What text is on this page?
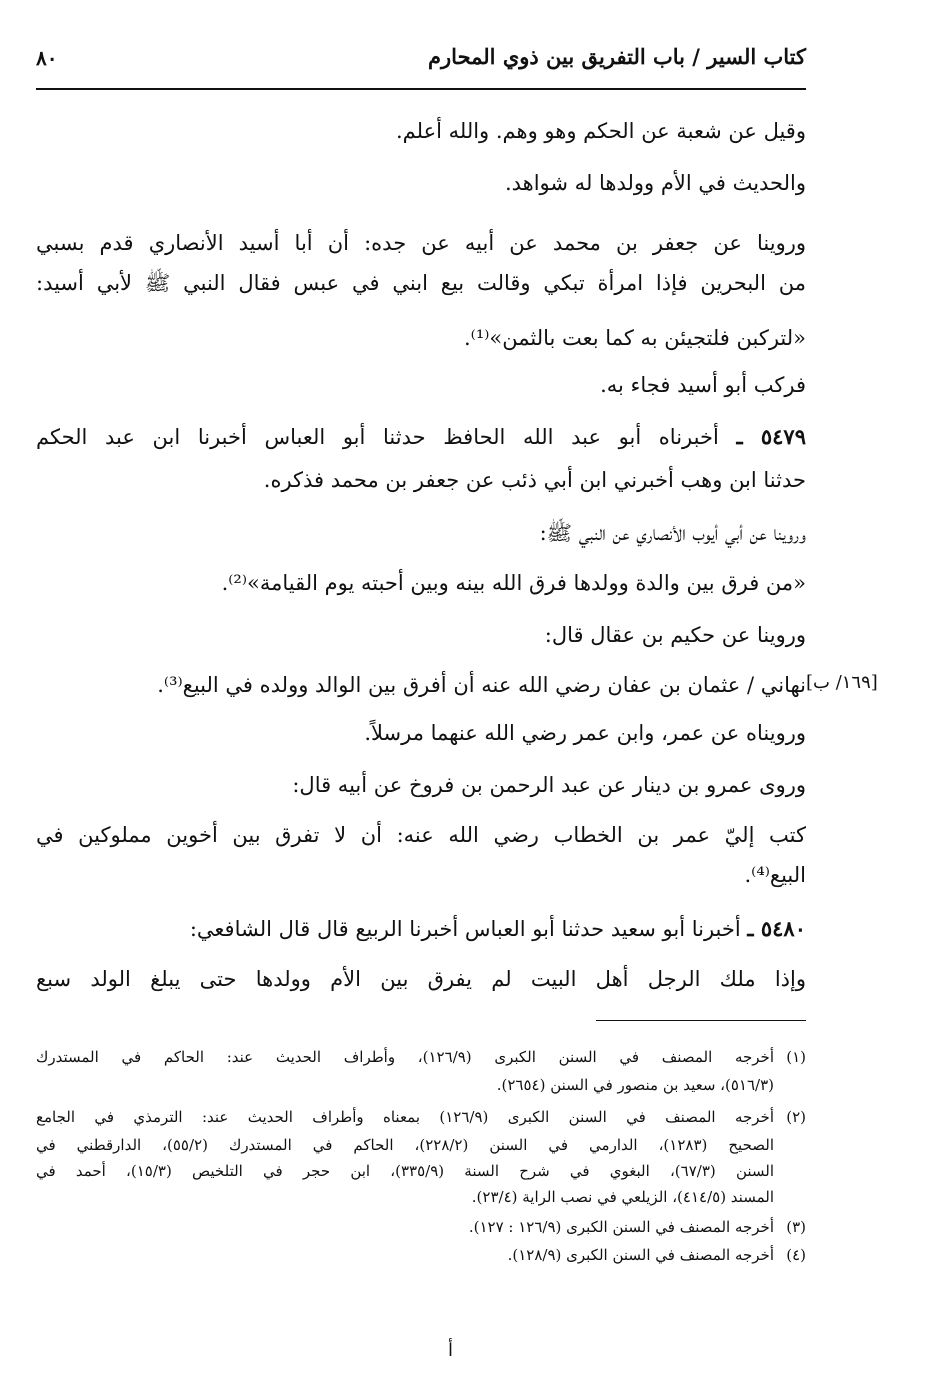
كتاب السير / باب التفريق بين ذوي المحارم
٨٠
وقيل عن شعبة عن الحكم وهو وهم. والله أعلم.
والحديث في الأم وولدها له شواهد.
وروينا عن جعفر بن محمد عن أبيه عن جده: أن أبا أسيد الأنصاري قدم بسبي
من البحرين فإذا امرأة تبكي وقالت بيع ابني في عبس فقال النبي ﷺ لأبي أسيد:
«لتركبن فلتجيئن به كما بعت بالثمن»⁽¹⁾.
فركب أبو أسيد فجاء به.
٥٤٧٩ ـ أخبرناه أبو عبد الله الحافظ حدثنا أبو العباس أخبرنا ابن عبد الحكم
حدثنا ابن وهب أخبرني ابن أبي ذئب عن جعفر بن محمد فذكره.
وروينا عن أبي أيوب الأنصاري عن النبي ﷺ:
«من فرق بين والدة وولدها فرق الله بينه وبين أحبته يوم القيامة»⁽²⁾.
وروينا عن حكيم بن عقال قال:
نهاني / عثمان بن عفان رضي الله عنه أن أفرق بين الوالد وولده في البيع⁽³⁾. [١٦٩/ ب]
ورويناه عن عمر، وابن عمر رضي الله عنهما مرسلاً.
وروى عمرو بن دينار عن عبد الرحمن بن فروخ عن أبيه قال:
كتب إليّ عمر بن الخطاب رضي الله عنه: أن لا تفرق بين أخوين مملوكين في
البيع⁽⁴⁾.
٥٤٨٠ ـ أخبرنا أبو سعيد حدثنا أبو العباس أخبرنا الربيع قال قال الشافعي:
وإذا ملك الرجل أهل البيت لم يفرق بين الأم وولدها حتى يبلغ الولد سبع
(١)أخرجه المصنف في السنن الكبرى (١٢٦/٩)، وأطراف الحديث عند: الحاكم في المستدرك
(٥١٦/٣)، سعيد بن منصور في السنن (٢٦٥٤).
(٢)أخرجه المصنف في السنن الكبرى (١٢٦/٩) بمعناه وأطراف الحديث عند: الترمذي في الجامع
الصحيح (١٢٨٣)، الدارمي في السنن (٢٢٨/٢)، الحاكم في المستدرك (٥٥/٢)، الدارقطني في
السنن (٦٧/٣)، البغوي في شرح السنة (٣٣٥/٩)، ابن حجر في التلخيص (١٥/٣)، أحمد في
المسند (٤١٤/٥)، الزيلعي في نصب الراية (٢٣/٤).
(٣)أخرجه المصنف في السنن الكبرى (١٢٦/٩ : ١٢٧).
(٤)أخرجه المصنف في السنن الكبرى (١٢٨/٩).
أ
